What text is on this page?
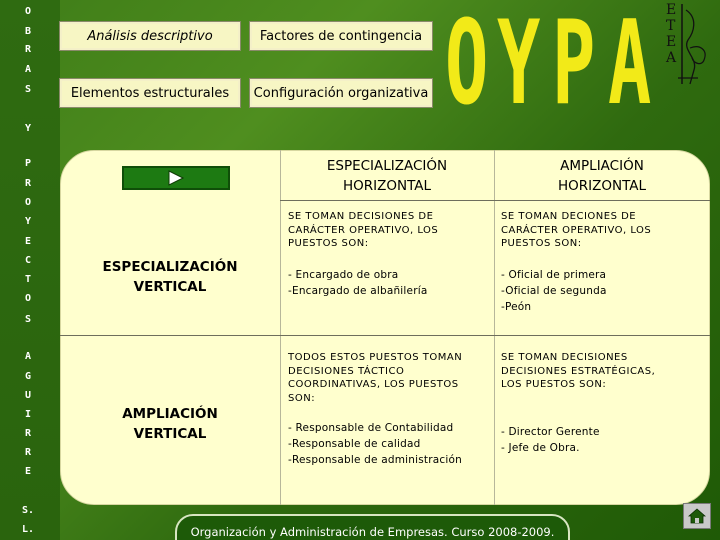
O
B
R
A
S
Y
P
R
O
Y
E
C
T
O
S
A
G
U
I
R
R
E
S.
L.
Análisis descriptivo	Factores de contingencia
Elementos estructurales	Configuración organizativa O Y P A E
T
E
A
ESPECIALIZACIÓN
HORIZONTAL
AMPLIACIÓN
HORIZONTAL
ESPECIALIZACIÓN
VERTICAL
AMPLIACIÓN
VERTICAL
SE TOMAN DECISIONES DE
CARÁCTER OPERATIVO, LOS
PUESTOS SON:
- Encargado de obra
-Encargado de albañilería
SE TOMAN DECIONES DE
CARÁCTER OPERATIVO, LOS
PUESTOS SON:
- Oficial de primera
-Oficial de segunda
-Peón
TODOS ESTOS PUESTOS TOMAN
DECISIONES TÁCTICO
COORDINATIVAS, LOS PUESTOS
SON:
- Responsable de Contabilidad
-Responsable de calidad
-Responsable de administración
SE TOMAN DECISIONES
DECISIONES ESTRATÉGICAS,
LOS PUESTOS SON:
- Director Gerente
- Jefe de Obra.
Organización y Administración de Empresas. Curso 2008-2009.
